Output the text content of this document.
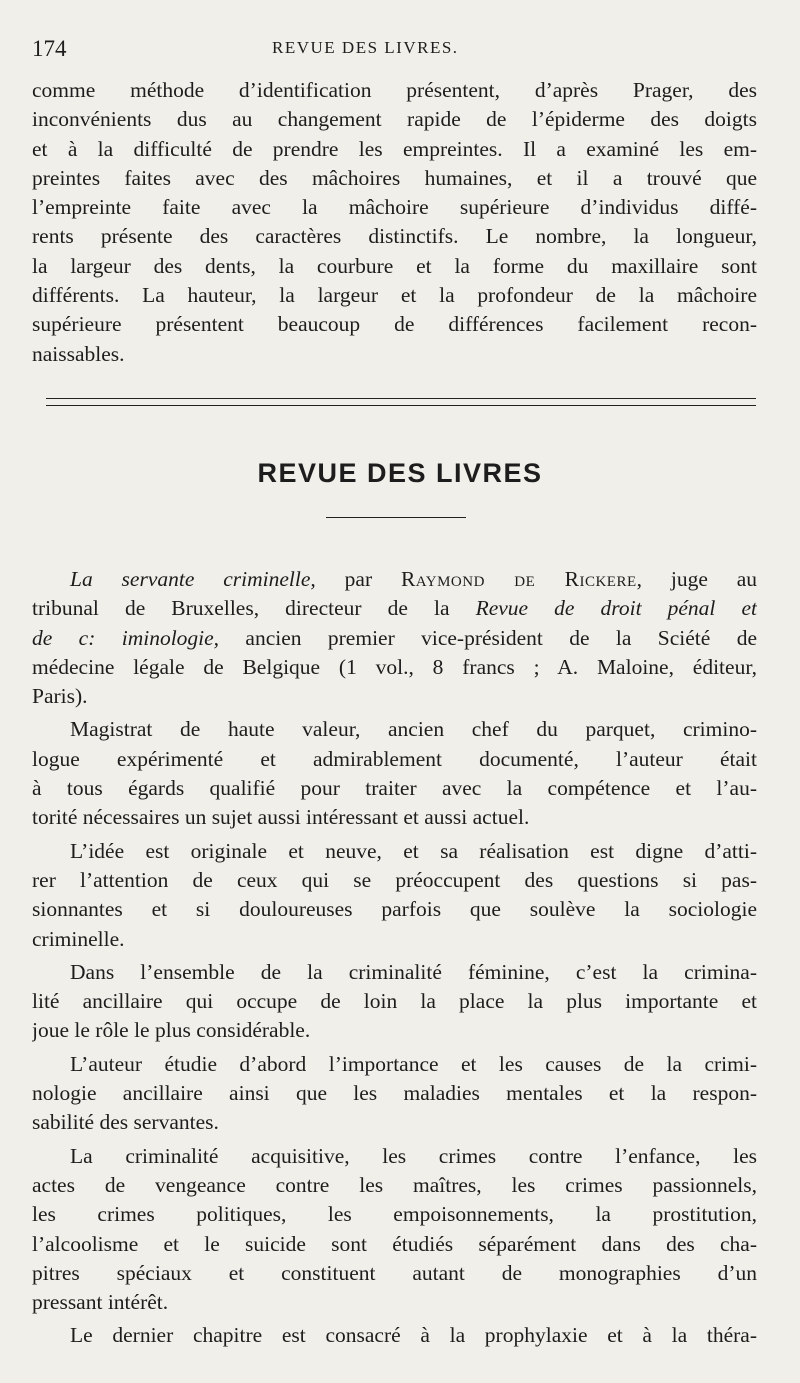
174	REVUE DES LIVRES.
comme méthode d’identification présentent, d’après Prager, des
inconvénients dus au changement rapide de l’épiderme des doigts
et à la difficulté de prendre les empreintes. Il a examiné les em-
preintes faites avec des mâchoires humaines, et il a trouvé que
l’empreinte faite avec la mâchoire supérieure d’individus diffé-
rents présente des caractères distinctifs. Le nombre, la longueur,
la largeur des dents, la courbure et la forme du maxillaire sont
différents. La hauteur, la largeur et la profondeur de la mâchoire
supérieure présentent beaucoup de différences facilement recon-
naissables.
REVUE DES LIVRES
La servante criminelle, par Raymond de Rickere, juge au
tribunal de Bruxelles, directeur de la Revue de droit pénal et
de c: iminologie, ancien premier vice-président de la Sciété de
médecine légale de Belgique (1 vol., 8 francs ; A. Maloine, éditeur,
Paris).
Magistrat de haute valeur, ancien chef du parquet, crimino-
logue expérimenté et admirablement documenté, l’auteur était
à tous égards qualifié pour traiter avec la compétence et l’au-
torité nécessaires un sujet aussi intéressant et aussi actuel.
L’idée est originale et neuve, et sa réalisation est digne d’atti-
rer l’attention de ceux qui se préoccupent des questions si pas-
sionnantes et si douloureuses parfois que soulève la sociologie
criminelle.
Dans l’ensemble de la criminalité féminine, c’est la crimina-
lité ancillaire qui occupe de loin la place la plus importante et
joue le rôle le plus considérable.
L’auteur étudie d’abord l’importance et les causes de la crimi-
nologie ancillaire ainsi que les maladies mentales et la respon-
sabilité des servantes.
La criminalité acquisitive, les crimes contre l’enfance, les
actes de vengeance contre les maîtres, les crimes passionnels,
les crimes politiques, les empoisonnements, la prostitution,
l’alcoolisme et le suicide sont étudiés séparément dans des cha-
pitres spéciaux et constituent autant de monographies d’un
pressant intérêt.
Le dernier chapitre est consacré à la prophylaxie et à la théra-
